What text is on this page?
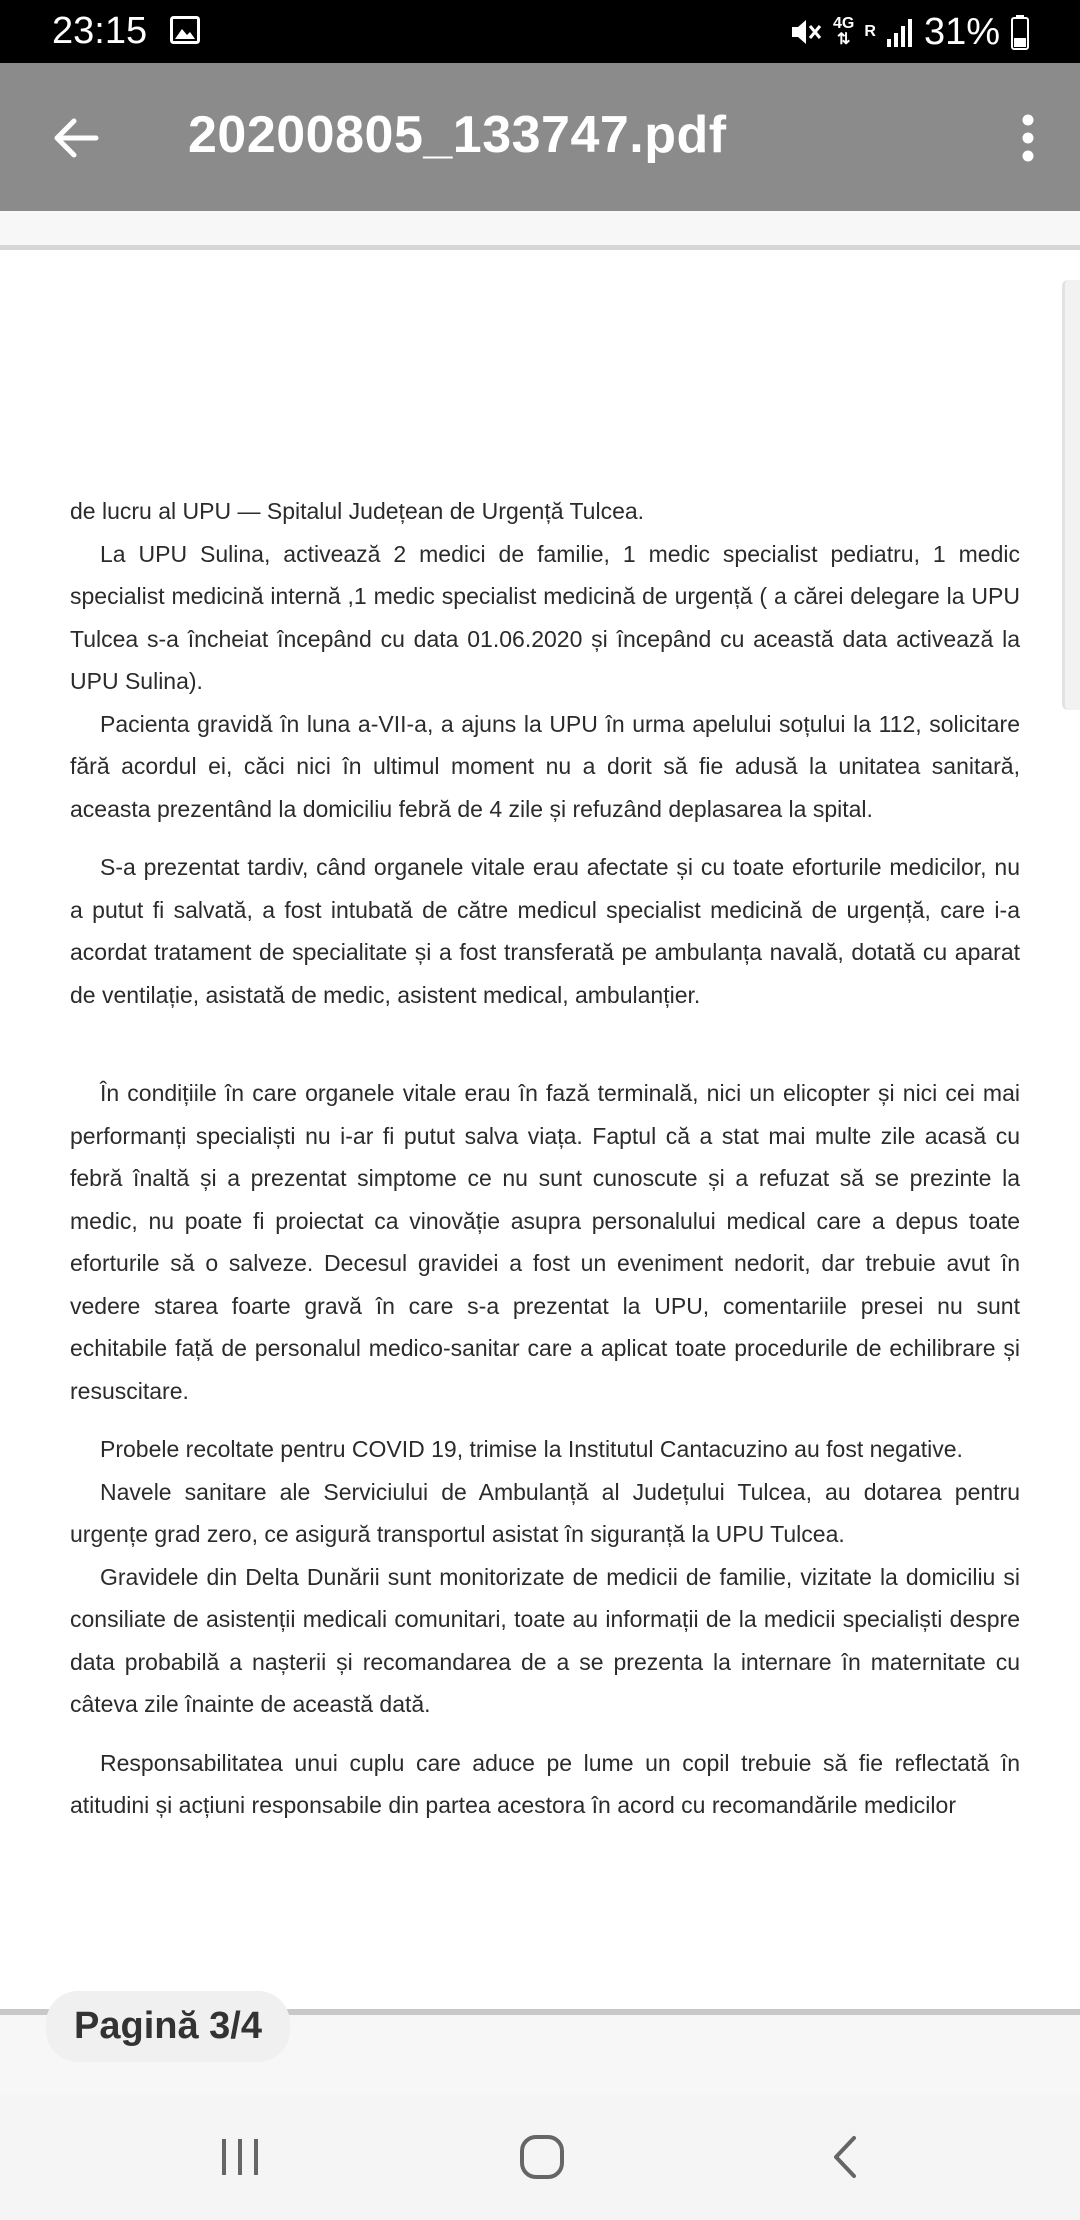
23:15	4G
⇅ R 31%
20200805_133747.pdf

de lucru al UPU — Spitalul Județean de Urgență Tulcea.

La UPU Sulina, activează 2 medici de familie, 1 medic specialist pediatru, 1 medic specialist medicină internă ,1 medic specialist medicină de urgență ( a cărei delegare la UPU Tulcea s-a încheiat începând cu data 01.06.2020 și începând cu această data activează la UPU Sulina).

Pacienta gravidă în luna a-VII-a, a ajuns la UPU în urma apelului soțului la 112, solicitare fără acordul ei, căci nici în ultimul moment nu a dorit să fie adusă la unitatea sanitară, aceasta prezentând la domiciliu febră de 4 zile și refuzând deplasarea la spital.

S-a prezentat tardiv, când organele vitale erau afectate și cu toate eforturile medicilor, nu a putut fi salvată, a fost intubată de către medicul specialist medicină de urgență, care i-a acordat tratament de specialitate și a fost transferată pe ambulanța navală, dotată cu aparat de ventilație, asistată de medic, asistent medical, ambulanțier.

În condițiile în care organele vitale erau în fază terminală, nici un elicopter și nici cei mai performanți specialiști nu i-ar fi putut salva viața. Faptul că a stat mai multe zile acasă cu febră înaltă și a prezentat simptome ce nu sunt cunoscute și a refuzat să se prezinte la medic, nu poate fi proiectat ca vinovăție asupra personalului medical care a depus toate eforturile să o salveze. Decesul gravidei a fost un eveniment nedorit, dar trebuie avut în vedere starea foarte gravă în care s-a prezentat la UPU, comentariile presei nu sunt echitabile față de personalul medico-sanitar care a aplicat toate procedurile de echilibrare și resuscitare.

Probele recoltate pentru COVID 19, trimise la Institutul Cantacuzino au fost negative.

Navele sanitare ale Serviciului de Ambulanță al Județului Tulcea, au dotarea pentru urgențe grad zero, ce asigură transportul asistat în siguranță la UPU Tulcea.

Gravidele din Delta Dunării sunt monitorizate de medicii de familie, vizitate la domiciliu si consiliate de asistenții medicali comunitari, toate au informații de la medicii specialiști despre data probabilă a nașterii și recomandarea de a se prezenta la internare în maternitate cu câteva zile înainte de această dată.

Responsabilitatea unui cuplu care aduce pe lume un copil trebuie să fie reflectată în atitudini și acțiuni responsabile din partea acestora în acord cu recomandările medicilor

Pagină 3/4
